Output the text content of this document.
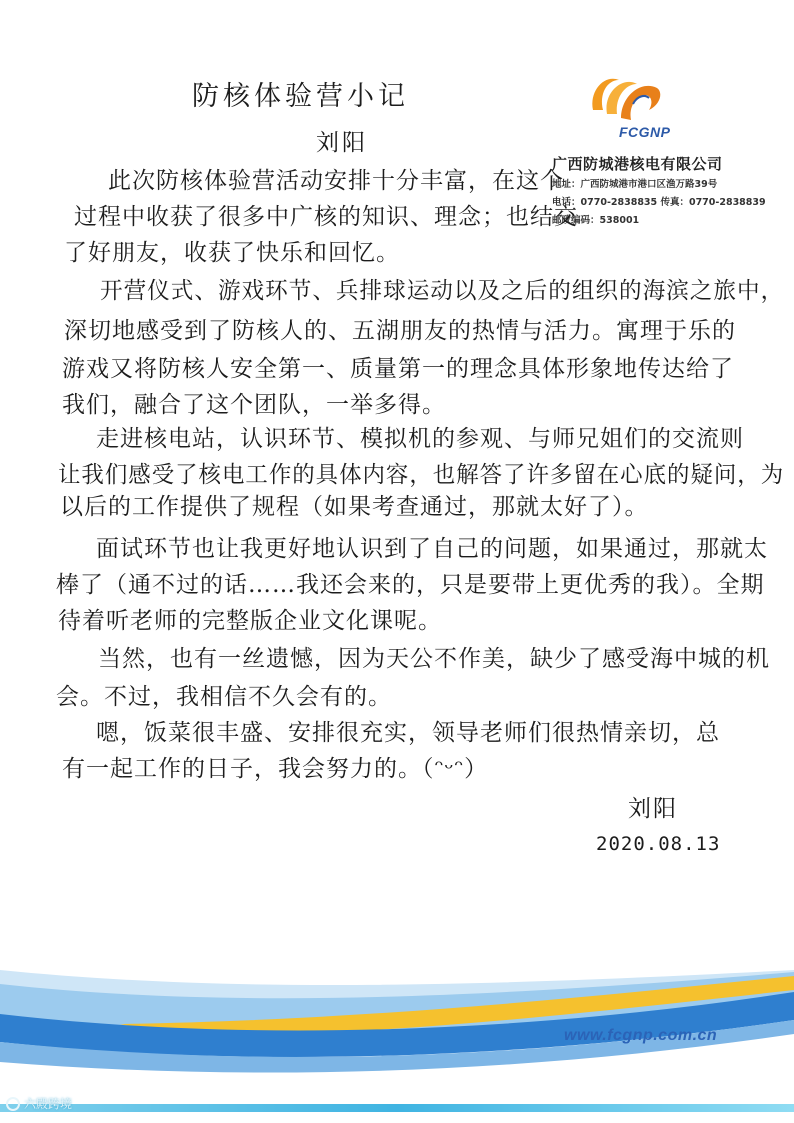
FCGNP
广西防城港核电有限公司
地址：广西防城港市港口区渔万路39号
电话：0770-2838835 传真：0770-2838839
邮政编码：538001
防核体验营小记
刘阳
此次防核体验营活动安排十分丰富，在这个
过程中收获了很多中广核的知识、理念；也结交
了好朋友，收获了快乐和回忆。
开营仪式、游戏环节、兵排球运动以及之后的组织的海滨之旅中，
深切地感受到了防核人的、五湖朋友的热情与活力。寓理于乐的
游戏又将防核人安全第一、质量第一的理念具体形象地传达给了
我们，融合了这个团队，一举多得。
走进核电站，认识环节、模拟机的参观、与师兄姐们的交流则
让我们感受了核电工作的具体内容，也解答了许多留在心底的疑问，为
以后的工作提供了规程（如果考查通过，那就太好了）。
面试环节也让我更好地认识到了自己的问题，如果通过，那就太
棒了（通不过的话……我还会来的，只是要带上更优秀的我）。全期
待着听老师的完整版企业文化课呢。
当然，也有一丝遗憾，因为天公不作美，缺少了感受海中城的机
会。不过，我相信不久会有的。
嗯，饭菜很丰盛、安排很充实，领导老师们很热情亲切，总
有一起工作的日子，我会努力的。（ᵔᵕᵔ）
刘阳
2020.08.13
www.fcgnp.com.cn
六殿跨境
